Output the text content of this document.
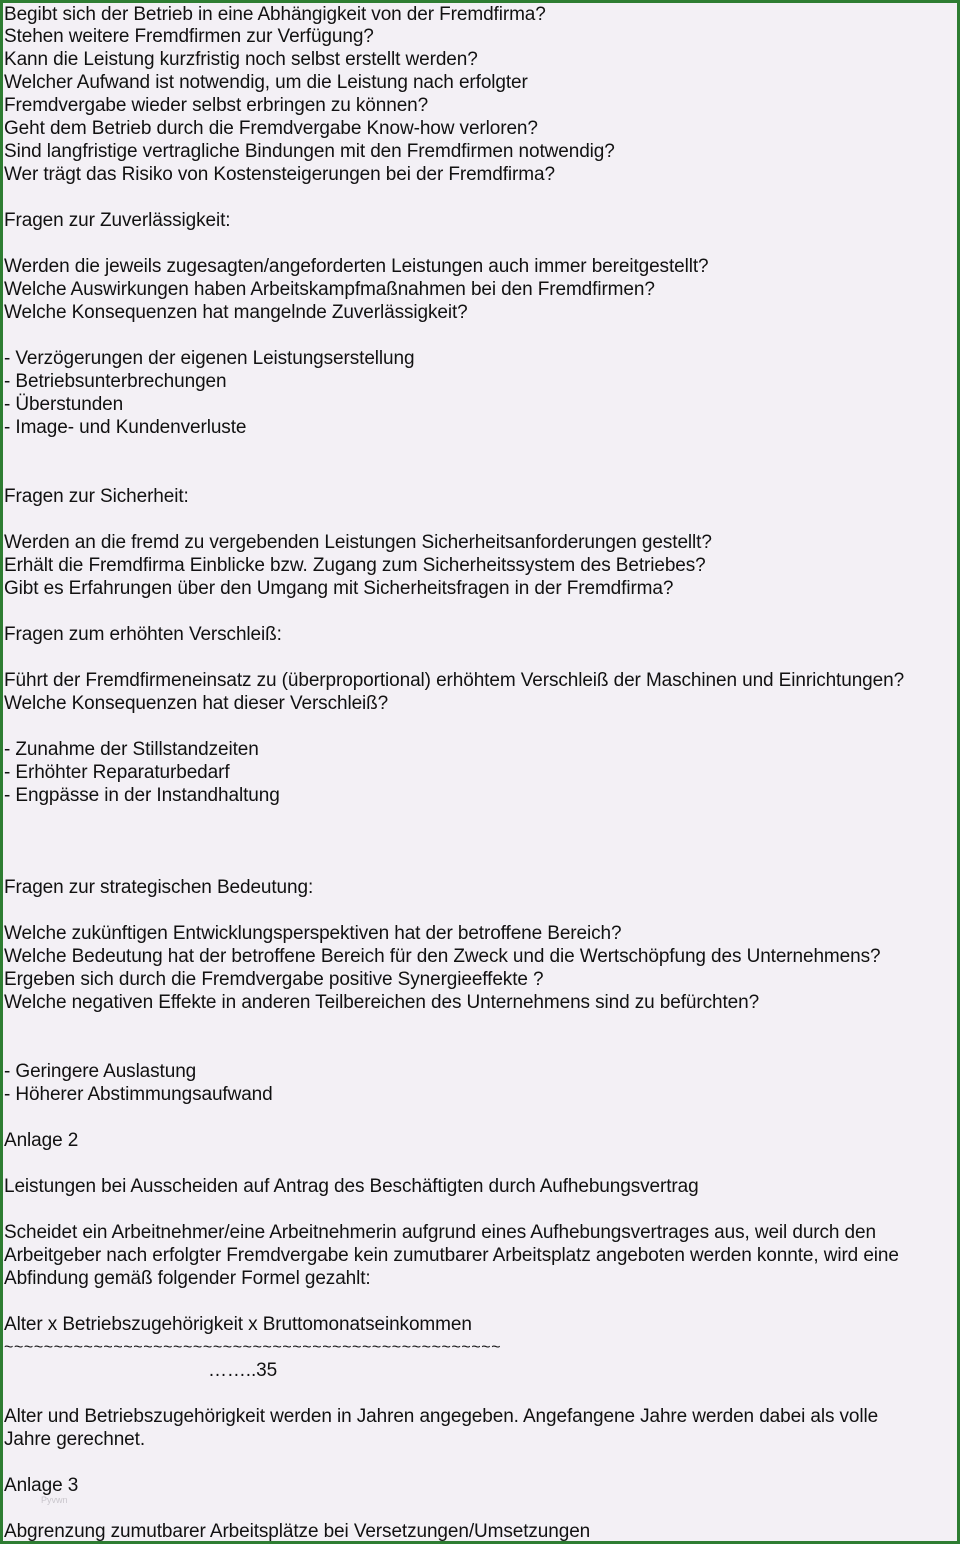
Begibt sich der Betrieb in eine Abhängigkeit von der Fremdfirma?
Stehen weitere Fremdfirmen zur Verfügung?
Kann die Leistung kurzfristig noch selbst erstellt werden?
Welcher Aufwand ist notwendig, um die Leistung nach erfolgter
Fremdvergabe wieder selbst erbringen zu können?
Geht dem Betrieb durch die Fremdvergabe Know-how verloren?
Sind langfristige vertragliche Bindungen mit den Fremdfirmen notwendig?
Wer trägt das Risiko von Kostensteigerungen bei der Fremdfirma?
Fragen zur Zuverlässigkeit:
Werden die jeweils zugesagten/angeforderten Leistungen auch immer bereitgestellt?
Welche Auswirkungen haben Arbeitskampfmaßnahmen bei den Fremdfirmen?
Welche Konsequenzen hat mangelnde Zuverlässigkeit?
- Verzögerungen der eigenen Leistungserstellung
- Betriebsunterbrechungen
- Überstunden
- Image- und Kundenverluste
Fragen zur Sicherheit:
Werden an die fremd zu vergebenden Leistungen Sicherheitsanforderungen gestellt?
Erhält die Fremdfirma Einblicke bzw. Zugang zum Sicherheitssystem des Betriebes?
Gibt es Erfahrungen über den Umgang mit Sicherheitsfragen in der Fremdfirma?
Fragen zum erhöhten Verschleiß:
Führt der Fremdfirmeneinsatz zu (überproportional) erhöhtem Verschleiß der Maschinen und Einrichtungen?
Welche Konsequenzen hat dieser Verschleiß?
- Zunahme der Stillstandzeiten
- Erhöhter Reparaturbedarf
- Engpässe in der Instandhaltung
Fragen zur strategischen Bedeutung:
Welche zukünftigen Entwicklungsperspektiven hat der betroffene Bereich?
Welche Bedeutung hat der betroffene Bereich für den Zweck und die Wertschöpfung des Unternehmens?
Ergeben sich durch die Fremdvergabe positive Synergieeffekte ?
Welche negativen Effekte in anderen Teilbereichen des Unternehmens sind zu befürchten?
- Geringere Auslastung
- Höherer Abstimmungsaufwand
Anlage 2
Leistungen bei Ausscheiden auf Antrag des Beschäftigten durch Aufhebungsvertrag
Scheidet ein Arbeitnehmer/eine Arbeitnehmerin aufgrund eines Aufhebungsvertrages aus, weil durch den
Arbeitgeber nach erfolgter Fremdvergabe kein zumutbarer Arbeitsplatz angeboten werden konnte, wird eine
Abfindung gemäß folgender Formel gezahlt:
Alter x Betriebszugehörigkeit x Bruttomonatseinkommen
~~~~~~~~~~~~~~~~~~~~~~~~~~~~~~~~~~~~~~~~~~~~~~~~~~
……..35
Alter und Betriebszugehörigkeit werden in Jahren angegeben. Angefangene Jahre werden dabei als volle
Jahre gerechnet.
Anlage 3
Pyvwn
Abgrenzung zumutbarer Arbeitsplätze bei Versetzungen/Umsetzungen
